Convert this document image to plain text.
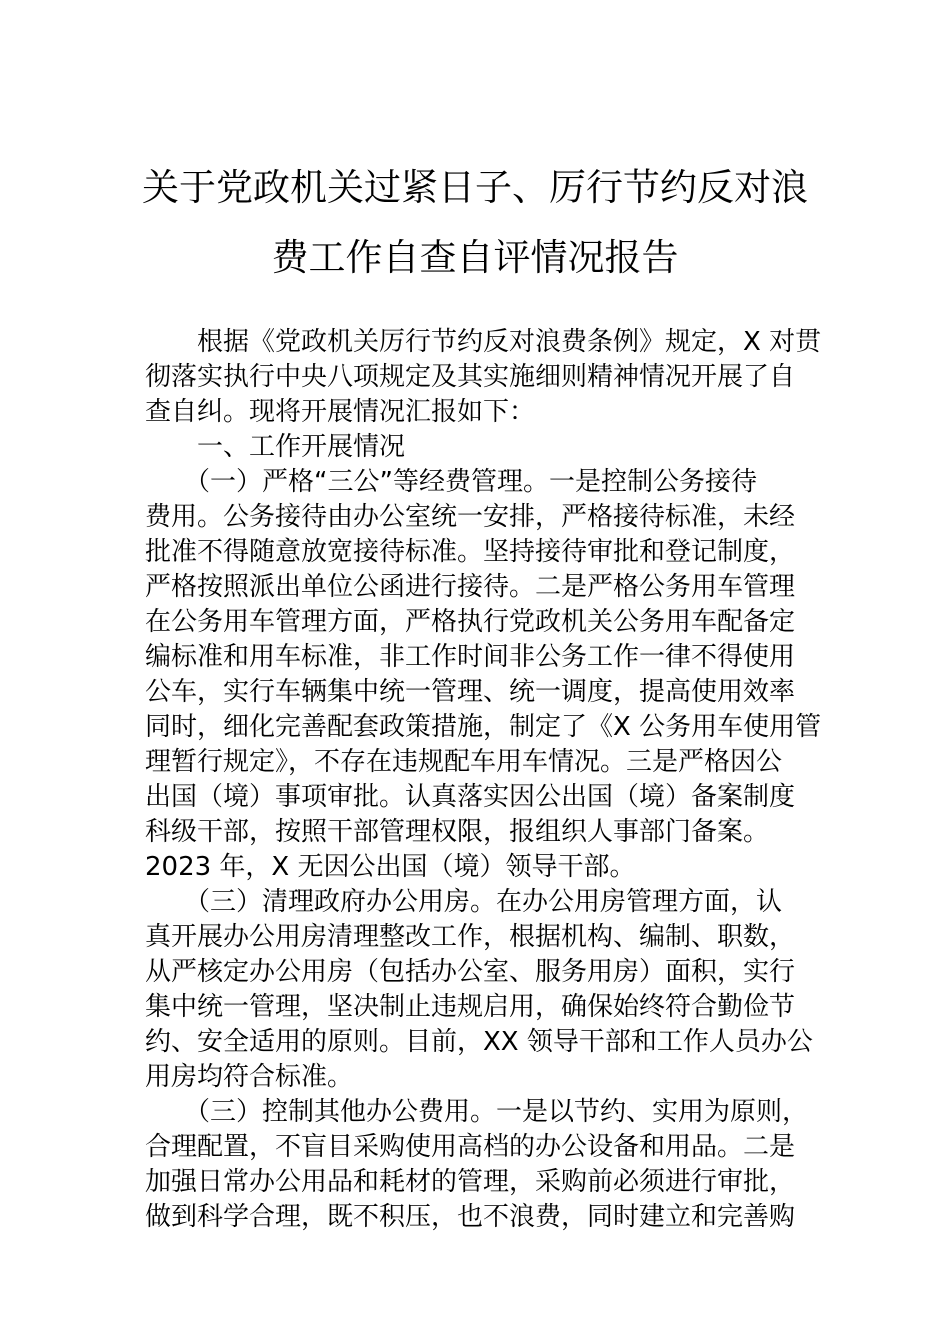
关于党政机关过紧日子、厉行节约反对浪
费工作自查自评情况报告
　　根据《党政机关厉行节约反对浪费条例》规定，X 对贯
彻落实执行中央八项规定及其实施细则精神情况开展了自
查自纠。现将开展情况汇报如下：
　　一、工作开展情况
　　（一）严格“三公”等经费管理。一是控制公务接待
费用。公务接待由办公室统一安排，严格接待标准，未经
批准不得随意放宽接待标准。坚持接待审批和登记制度，
严格按照派出单位公函进行接待。二是严格公务用车管理
在公务用车管理方面，严格执行党政机关公务用车配备定
编标准和用车标准，非工作时间非公务工作一律不得使用
公车，实行车辆集中统一管理、统一调度，提高使用效率
同时，细化完善配套政策措施，制定了《X 公务用车使用管
理暂行规定》，不存在违规配车用车情况。三是严格因公
出国（境）事项审批。认真落实因公出国（境）备案制度
科级干部，按照干部管理权限，报组织人事部门备案。
2023 年，X 无因公出国（境）领导干部。
　　（三）清理政府办公用房。在办公用房管理方面，认
真开展办公用房清理整改工作，根据机构、编制、职数，
从严核定办公用房（包括办公室、服务用房）面积，实行
集中统一管理，坚决制止违规启用，确保始终符合勤俭节
约、安全适用的原则。目前，XX 领导干部和工作人员办公
用房均符合标准。
　　（三）控制其他办公费用。一是以节约、实用为原则，
合理配置，不盲目采购使用高档的办公设备和用品。二是
加强日常办公用品和耗材的管理，采购前必须进行审批，
做到科学合理，既不积压，也不浪费，同时建立和完善购
